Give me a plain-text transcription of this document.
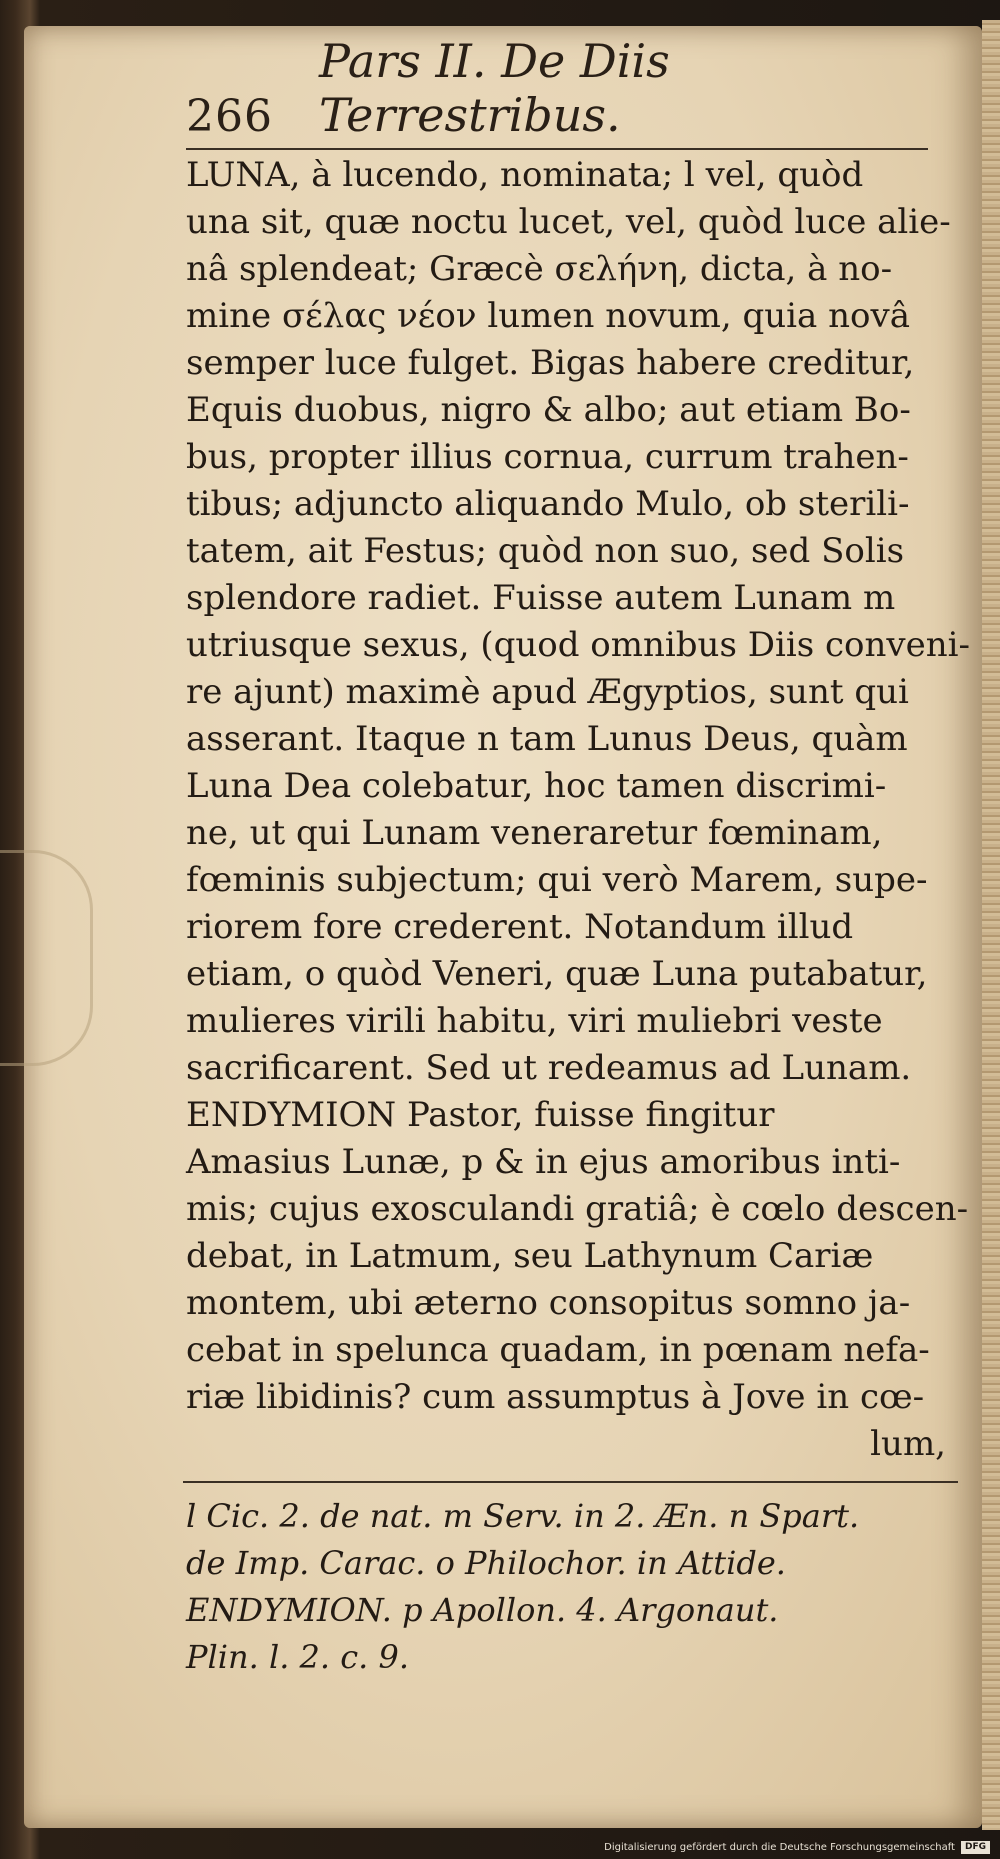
266
Pars II. De Diis Terrestribus.
LUNA, à lucendo, nominata; l vel, quòd
una sit, quæ noctu lucet, vel, quòd luce alie-
nâ splendeat; Græcè σελήνη, dicta, à no-
mine σέλας νέον lumen novum, quia novâ
semper luce fulget. Bigas habere creditur,
Equis duobus, nigro & albo; aut etiam Bo-
bus, propter illius cornua, currum trahen-
tibus; adjuncto aliquando Mulo, ob sterili-
tatem, ait Festus; quòd non suo, sed Solis
splendore radiet. Fuisse autem Lunam m
utriusque sexus, (quod omnibus Diis conveni-
re ajunt) maximè apud Ægyptios, sunt qui
asserant. Itaque n tam Lunus Deus, quàm
Luna Dea colebatur, hoc tamen discrimi-
ne, ut qui Lunam veneraretur fœminam,
fœminis subjectum; qui verò Marem, supe-
riorem fore crederent. Notandum illud
etiam, o quòd Veneri, quæ Luna putabatur,
mulieres virili habitu, viri muliebri veste
sacrificarent. Sed ut redeamus ad Lunam.
ENDYMION Pastor, fuisse fingitur
Amasius Lunæ, p & in ejus amoribus inti-
mis; cujus exosculandi gratiâ; è cœlo descen-
debat, in Latmum, seu Lathynum Cariæ
montem, ubi æterno consopitus somno ja-
cebat in spelunca quadam, in pœnam nefa-
riæ libidinis? cum assumptus à Jove in cœ-
lum,
l Cic. 2. de nat. m Serv. in 2. Æn. n Spart.
de Imp. Carac. o Philochor. in Attide.
ENDYMION. p Apollon. 4. Argonaut.
Plin. l. 2. c. 9.
Digitalisierung gefördert durch die Deutsche Forschungsgemeinschaft	DFG
